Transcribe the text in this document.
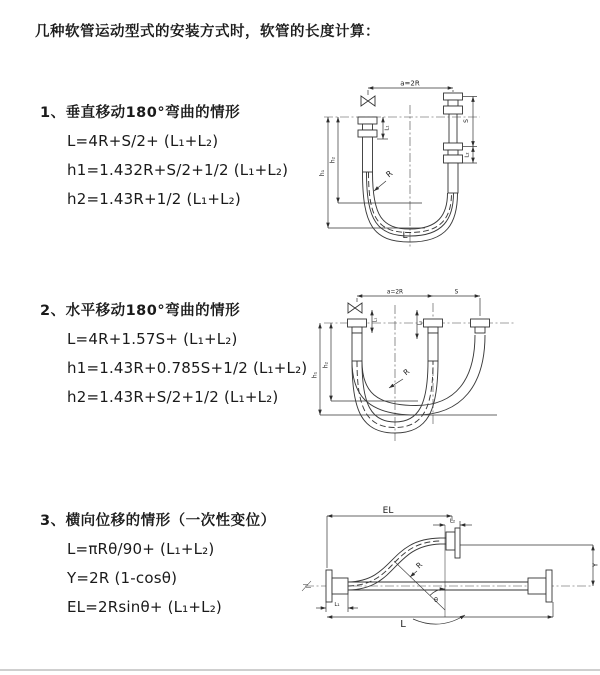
几种软管运动型式的安装方式时，软管的长度计算：
1、垂直移动180°弯曲的情形
L=4R+S/2+ (L₁+L₂)
h1=1.432R+S/2+1/2 (L₁+L₂)
h2=1.43R+1/2 (L₁+L₂)
a=2R
L₁
S
L₂
h₁
h₂
L
R
2、水平移动180°弯曲的情形
L=4R+1.57S+ (L₁+L₂)
h1=1.43R+0.785S+1/2 (L₁+L₂)
h2=1.43R+S/2+1/2 (L₁+L₂)
a=2R	S
L₁
L₂
h₁
h₂
R
3、横向位移的情形（一次性变位）
L=πRθ/90+ (L₁+L₂)
Y=2R (1-cosθ)
EL=2Rsinθ+ (L₁+L₂)
EL
L₂
Y
L₁
L
R
θ
